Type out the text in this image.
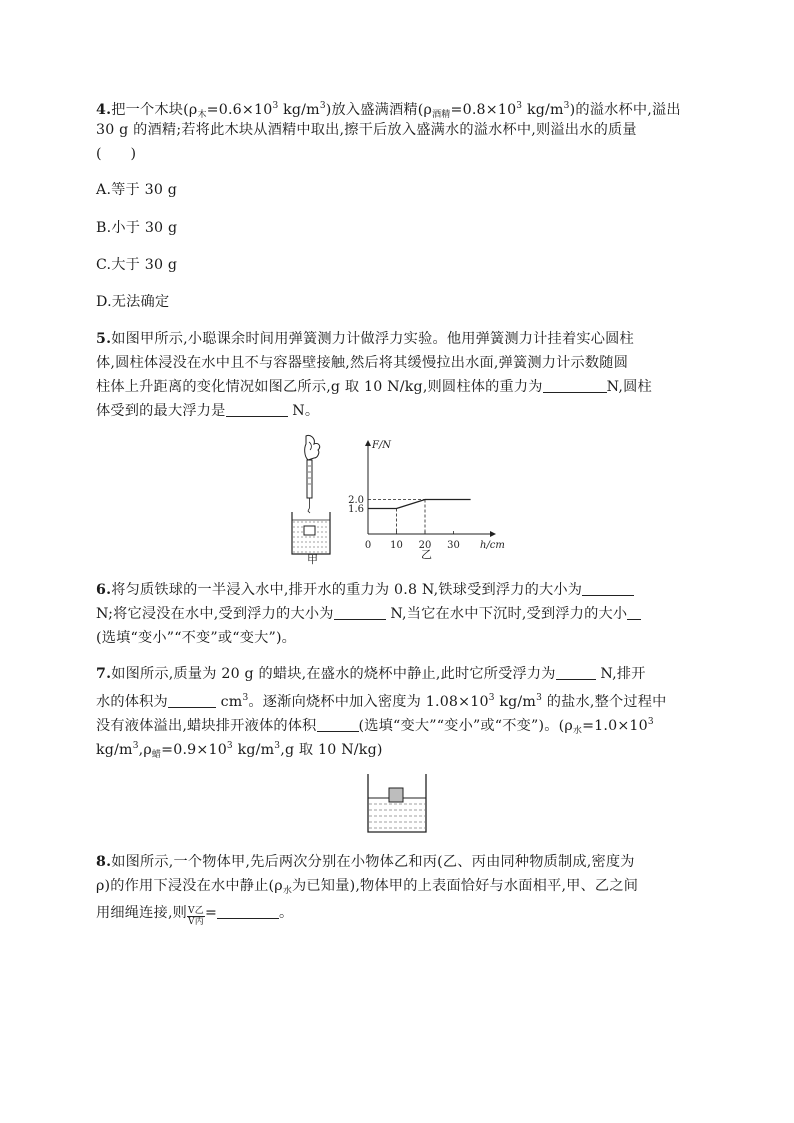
4.把一个木块($\rho_木=0.6\times 10^3$ $kg/m^3$)放入盛满酒精($\rho_{酒精}=0.8\times 10^3$ $kg/m^3$)的溢水杯中,溢出
30 g 的酒精;若将此木块从酒精中取出,擦干后放入盛满水的溢水杯中,则溢出水的质量
(　　)
A.等于 30 g
B.小于 30 g
C.大于 30 g
D.无法确定
5.如图甲所示,小聪课余时间用弹簧测力计做浮力实验。他用弹簧测力计挂着实心圆柱
体,圆柱体浸没在水中且不与容器壁接触,然后将其缓慢拉出水面,弹簧测力计示数随圆
柱体上升距离的变化情况如图乙所示,g 取 10 N/kg,则圆柱体的重力为	N,圆柱
体受到的最大浮力是	N。
甲
1.6
2.0
0 10 20 30
F/N
h/cm
6.将匀质铁球的一半浸入水中,排开水的重力为 0.8 N,铁球受到浮力的大小为
N;将它浸没在水中,受到浮力的大小为	N,当它在水中下沉时,受到浮力的大小
(选填“变小”“不变”或“变大”)。
7.如图所示,质量为 20 g 的蜡块,在盛水的烧杯中静止,此时它所受浮力为	N,排开
水的体积为	$cm^3$。逐渐向烧杯中加入密度为 $1.08\times 10^3$ $kg/m^3$ 的盐水,整个过程中
没有液体溢出,蜡块排开液体的体积	(选填“变大”“变小”或“不变”)。($\rho_水=1.0\times 10^3$
$kg/m^3,\rho_蜡=0.9\times 10^3$ $kg/m^3,g$ 取 10 N/kg)
8.如图所示,一个物体甲,先后两次分别在小物体乙和丙(乙、丙由同种物质制成,密度为
ρ)的作用下浸没在水中静止($\rho_水$为已知量),物体甲的上表面恰好与水面相平,甲、乙之间
用细绳连接,则 $\frac{\text{V乙}}{\text{V丙}}$ =	。
乙
